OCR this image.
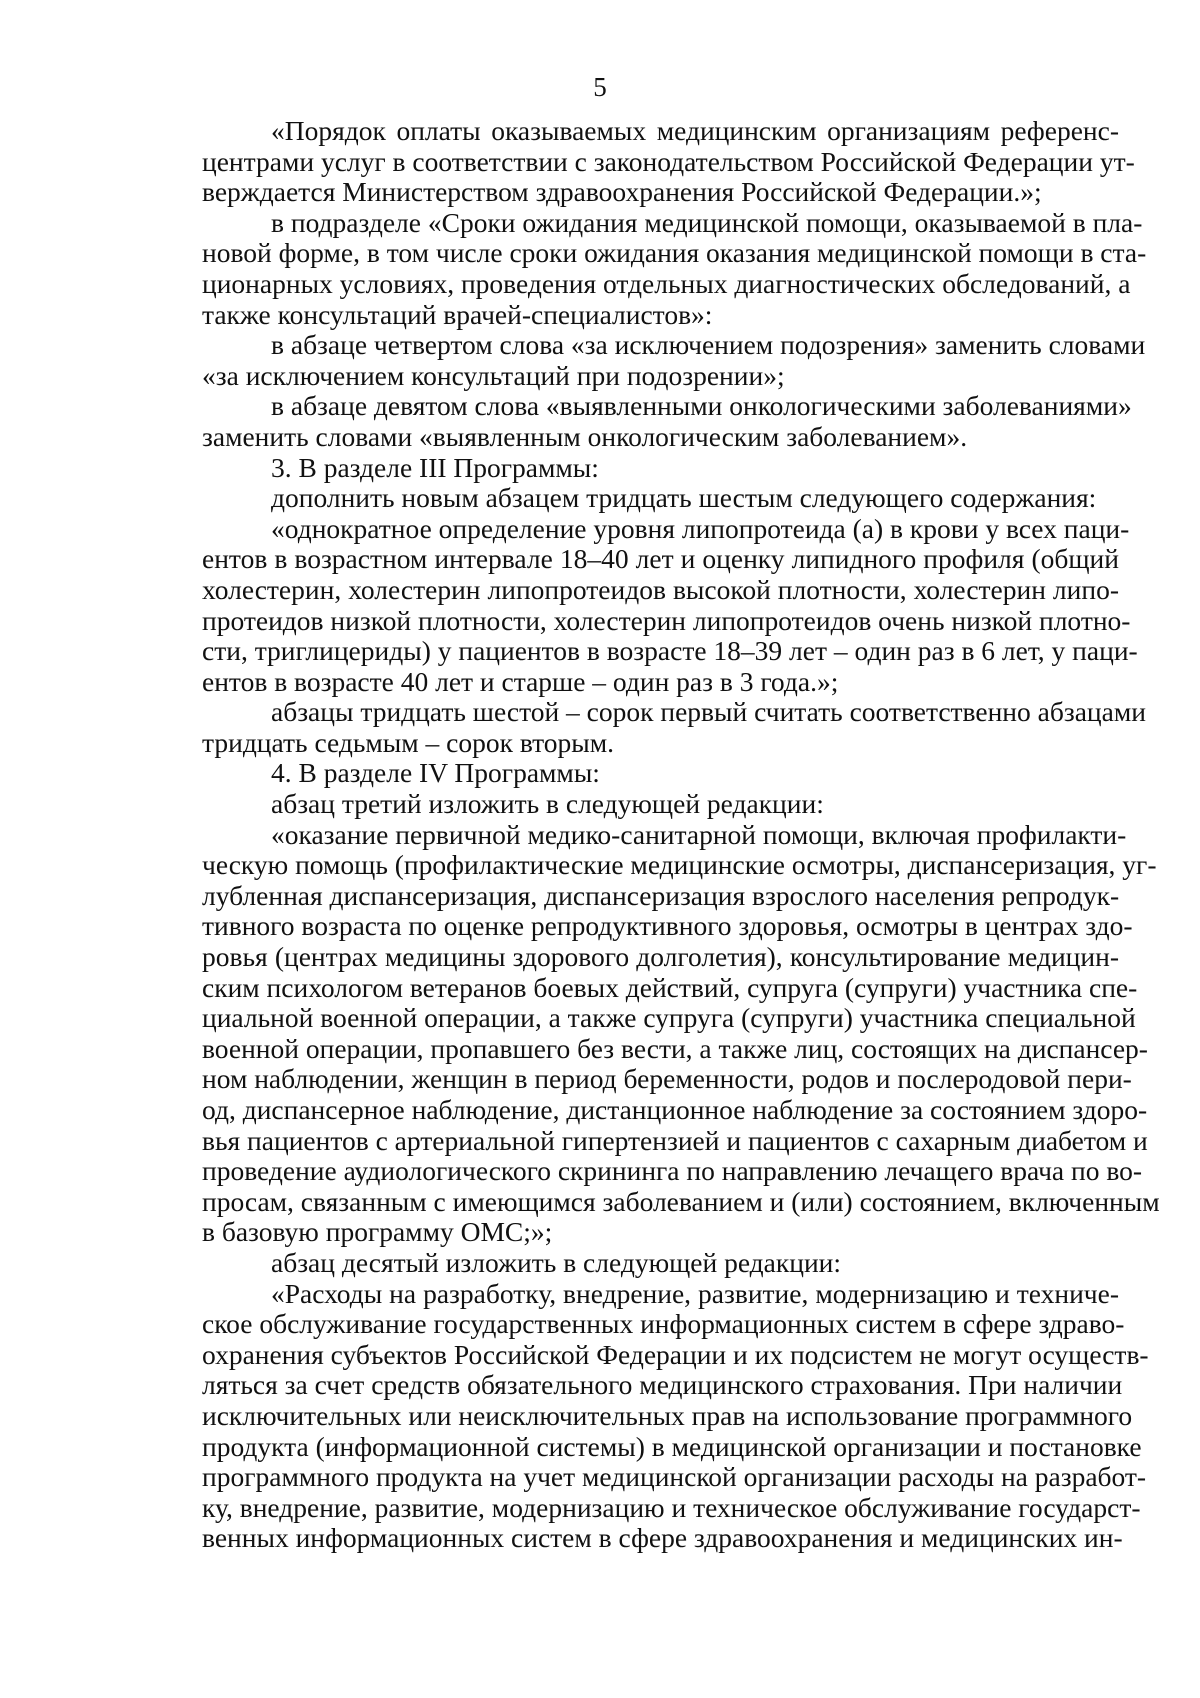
5
«Порядок оплаты оказываемых медицинским организациям референс-
центрами услуг в соответствии с законодательством Российской Федерации ут-
верждается Министерством здравоохранения Российской Федерации.»;
в подразделе «Сроки ожидания медицинской помощи, оказываемой в пла-
новой форме, в том числе сроки ожидания оказания медицинской помощи в ста-
ционарных условиях, проведения отдельных диагностических обследований, а
также консультаций врачей-специалистов»:
в абзаце четвертом слова «за исключением подозрения» заменить словами
«за исключением консультаций при подозрении»;
в абзаце девятом слова «выявленными онкологическими заболеваниями»
заменить словами «выявленным онкологическим заболеванием».
3. В разделе III Программы:
дополнить новым абзацем тридцать шестым следующего содержания:
«однократное определение уровня липопротеида (а) в крови у всех паци-
ентов в возрастном интервале 18–40 лет и оценку липидного профиля (общий
холестерин, холестерин липопротеидов высокой плотности, холестерин липо-
протеидов низкой плотности, холестерин липопротеидов очень низкой плотно-
сти, триглицериды) у пациентов в возрасте 18–39 лет – один раз в 6 лет, у паци-
ентов в возрасте 40 лет и старше – один раз в 3 года.»;
абзацы тридцать шестой – сорок первый считать соответственно абзацами
тридцать седьмым – сорок вторым.
4. В разделе IV Программы:
абзац третий изложить в следующей редакции:
«оказание первичной медико-санитарной помощи, включая профилакти-
ческую помощь (профилактические медицинские осмотры, диспансеризация, уг-
лубленная диспансеризация, диспансеризация взрослого населения репродук-
тивного возраста по оценке репродуктивного здоровья, осмотры в центрах здо-
ровья (центрах медицины здорового долголетия), консультирование медицин-
ским психологом ветеранов боевых действий, супруга (супруги) участника спе-
циальной военной операции, а также супруга (супруги) участника специальной
военной операции, пропавшего без вести, а также лиц, состоящих на диспансер-
ном наблюдении, женщин в период беременности, родов и послеродовой пери-
од, диспансерное наблюдение, дистанционное наблюдение за состоянием здоро-
вья пациентов с артериальной гипертензией и пациентов с сахарным диабетом и
проведение аудиологического скрининга по направлению лечащего врача по во-
просам, связанным с имеющимся заболеванием и (или) состоянием, включенным
в базовую программу ОМС;»;
абзац десятый изложить в следующей редакции:
«Расходы на разработку, внедрение, развитие, модернизацию и техниче-
ское обслуживание государственных информационных систем в сфере здраво-
охранения субъектов Российской Федерации и их подсистем не могут осуществ-
ляться за счет средств обязательного медицинского страхования. При наличии
исключительных или неисключительных прав на использование программного
продукта (информационной системы) в медицинской организации и постановке
программного продукта на учет медицинской организации расходы на разработ-
ку, внедрение, развитие, модернизацию и техническое обслуживание государст-
венных информационных систем в сфере здравоохранения и медицинских ин-
